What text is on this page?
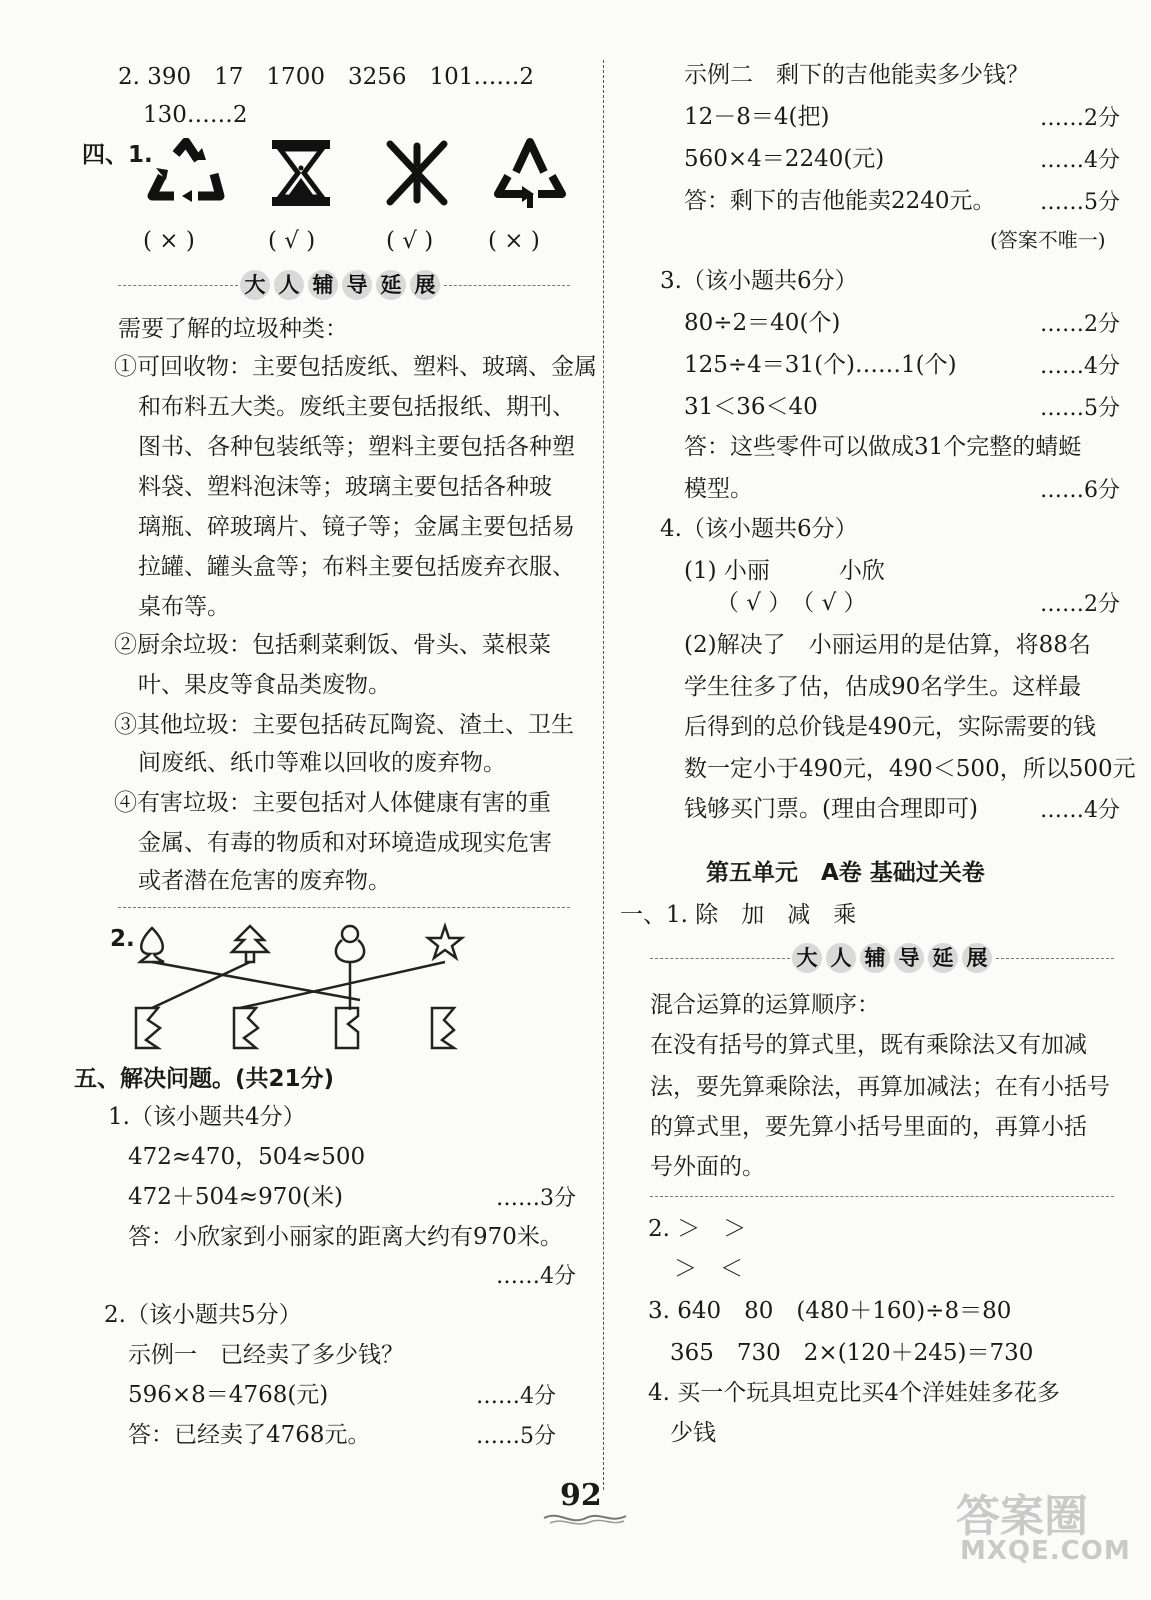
2. 390　17　1700　3256　101……2
130……2
四、1.
( × )	( √ )	( √ ) ( × )
大 人 辅 导 延 展
需要了解的垃圾种类：
①可回收物：主要包括废纸、塑料、玻璃、金属
和布料五大类。废纸主要包括报纸、期刊、
图书、各种包装纸等；塑料主要包括各种塑
料袋、塑料泡沫等；玻璃主要包括各种玻
璃瓶、碎玻璃片、镜子等；金属主要包括易
拉罐、罐头盒等；布料主要包括废弃衣服、
桌布等。
②厨余垃圾：包括剩菜剩饭、骨头、菜根菜
叶、果皮等食品类废物。
③其他垃圾：主要包括砖瓦陶瓷、渣土、卫生
间废纸、纸巾等难以回收的废弃物。
④有害垃圾：主要包括对人体健康有害的重
金属、有毒的物质和对环境造成现实危害
或者潜在危害的废弃物。
2.
五、解决问题。(共21分)
1.（该小题共4分）
472≈470，504≈500
472＋504≈970(米)	……3分
答：小欣家到小丽家的距离大约有970米。
……4分
2.（该小题共5分）
示例一　已经卖了多少钱？
596×8＝4768(元)	……4分
答：已经卖了4768元。	……5分
示例二　剩下的吉他能卖多少钱？
12－8＝4(把)	……2分
560×4＝2240(元)	……4分
答：剩下的吉他能卖2240元。 ……5分
(答案不唯一)
3.（该小题共6分）
80÷2＝40(个)	……2分
125÷4＝31(个)……1(个)	……4分
31＜36＜40	……5分
答：这些零件可以做成31个完整的蜻蜓
模型。	……6分
4.（该小题共6分）
(1) 小丽　　　小欣
（ √ ）　（ √ ）	……2分
(2)解决了　小丽运用的是估算，将88名
学生往多了估，估成90名学生。这样最
后得到的总价钱是490元，实际需要的钱
数一定小于490元，490＜500，所以500元
钱够买门票。(理由合理即可)	……4分
第五单元　A卷 基础过关卷
一、1. 除　加　减　乘
大 人 辅 导 延 展
混合运算的运算顺序：
在没有括号的算式里，既有乘除法又有加减
法，要先算乘除法，再算加减法；在有小括号
的算式里，要先算小括号里面的，再算小括
号外面的。
2. ＞　＞
＞　＜
3. 640　80　(480＋160)÷8＝80
365　730　2×(120＋245)＝730
4. 买一个玩具坦克比买4个洋娃娃多花多
少钱
92	答案圈
MXQE.COM
